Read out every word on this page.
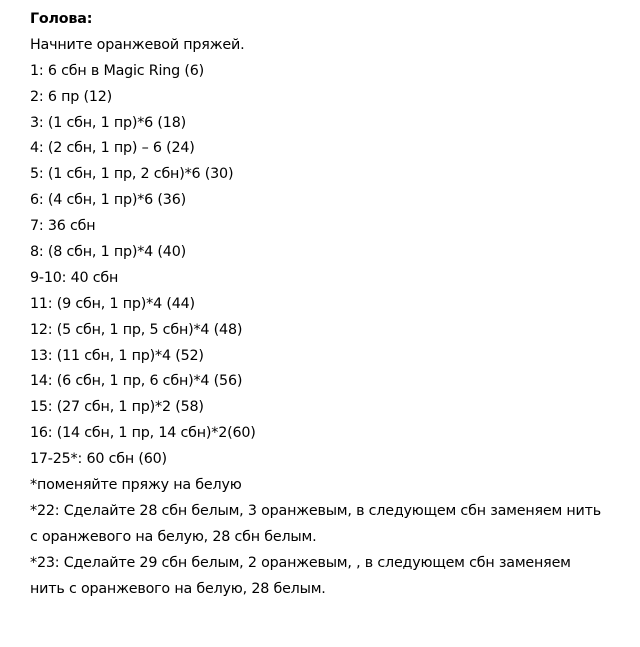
Голова:
Начните оранжевой пряжей.
1: 6 сбн в Magic Ring (6)
2: 6 пр (12)
3: (1 сбн, 1 пр)*6 (18)
4: (2 сбн, 1 пр) – 6 (24)
5: (1 сбн, 1 пр, 2 сбн)*6 (30)
6: (4 сбн, 1 пр)*6 (36)
7: 36 сбн
8: (8 сбн, 1 пр)*4 (40)
9-10: 40 сбн
11: (9 сбн, 1 пр)*4 (44)
12: (5 сбн, 1 пр, 5 сбн)*4 (48)
13: (11 сбн, 1 пр)*4 (52)
14: (6 сбн, 1 пр, 6 сбн)*4 (56)
15: (27 сбн, 1 пр)*2 (58)
16: (14 сбн, 1 пр, 14 сбн)*2(60)
17-25*: 60 сбн (60)
*поменяйте пряжу на белую
*22: Сделайте 28 сбн белым, 3 оранжевым, в следующем сбн заменяем нить
с оранжевого на белую, 28 сбн белым.
*23: Сделайте 29 сбн белым, 2 оранжевым, , в следующем сбн заменяем
нить с оранжевого на белую, 28 белым.
